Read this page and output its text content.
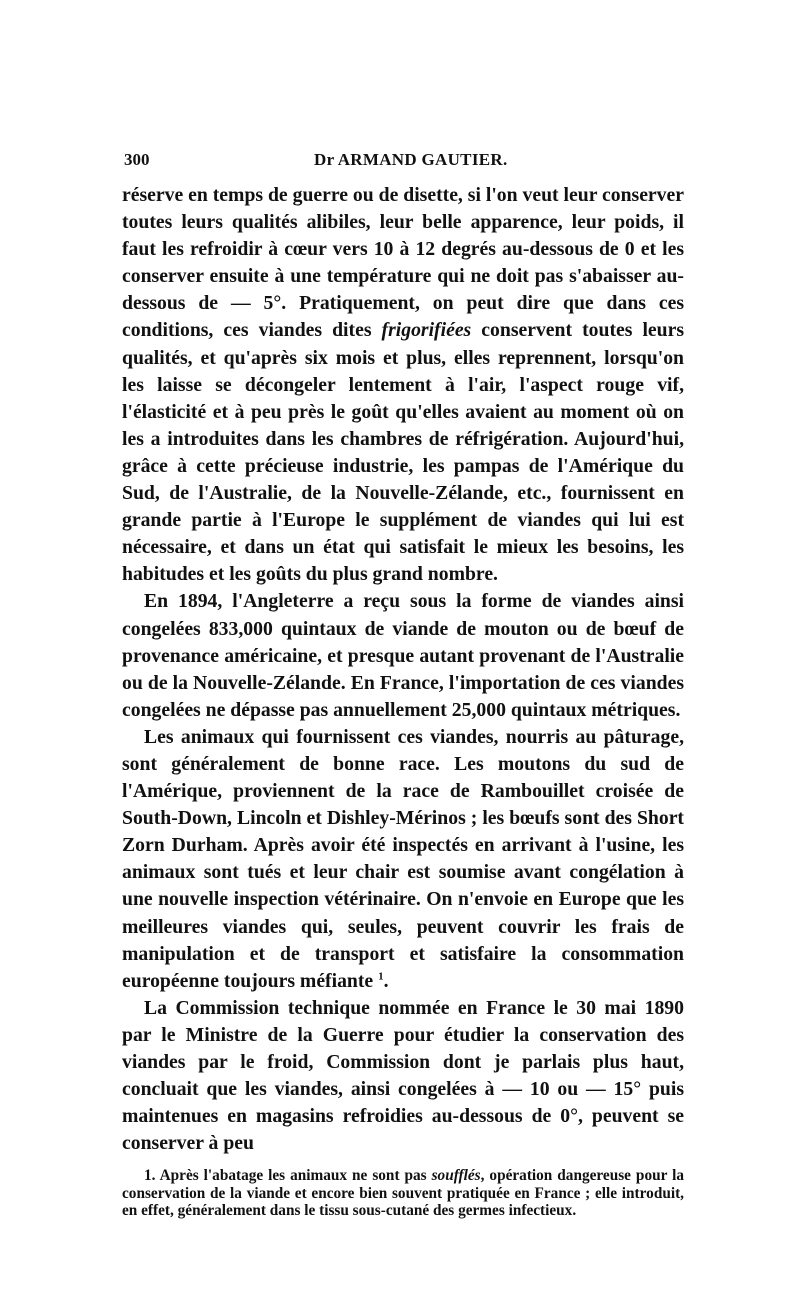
300	Dr ARMAND GAUTIER.

réserve en temps de guerre ou de disette, si l'on veut leur conserver toutes leurs qualités alibiles, leur belle apparence, leur poids, il faut les refroidir à cœur vers 10 à 12 degrés au-dessous de 0 et les conserver ensuite à une température qui ne doit pas s'abaisser au-dessous de — 5°. Pratiquement, on peut dire que dans ces conditions, ces viandes dites frigorifiées conservent toutes leurs qualités, et qu'après six mois et plus, elles reprennent, lorsqu'on les laisse se décongeler lentement à l'air, l'aspect rouge vif, l'élasticité et à peu près le goût qu'elles avaient au moment où on les a introduites dans les chambres de réfrigération. Aujourd'hui, grâce à cette précieuse industrie, les pampas de l'Amérique du Sud, de l'Australie, de la Nouvelle-Zélande, etc., fournissent en grande partie à l'Europe le supplément de viandes qui lui est nécessaire, et dans un état qui satisfait le mieux les besoins, les habitudes et les goûts du plus grand nombre.

En 1894, l'Angleterre a reçu sous la forme de viandes ainsi congelées 833,000 quintaux de viande de mouton ou de bœuf de provenance américaine, et presque autant provenant de l'Australie ou de la Nouvelle-Zélande. En France, l'importation de ces viandes congelées ne dépasse pas annuellement 25,000 quintaux métriques.

Les animaux qui fournissent ces viandes, nourris au pâturage, sont généralement de bonne race. Les moutons du sud de l'Amérique, proviennent de la race de Rambouillet croisée de South-Down, Lincoln et Dishley-Mérinos ; les bœufs sont des Short Zorn Durham. Après avoir été inspectés en arrivant à l'usine, les animaux sont tués et leur chair est soumise avant congélation à une nouvelle inspection vétérinaire. On n'envoie en Europe que les meilleures viandes qui, seules, peuvent couvrir les frais de manipulation et de transport et satisfaire la consommation européenne toujours méfiante $^1$.

La Commission technique nommée en France le 30 mai 1890 par le Ministre de la Guerre pour étudier la conservation des viandes par le froid, Commission dont je parlais plus haut, concluait que les viandes, ainsi congelées à — 10 ou — 15° puis maintenues en magasins refroidies au-dessous de 0°, peuvent se conserver à peu

1. Après l'abatage les animaux ne sont pas soufflés, opération dangereuse pour la conservation de la viande et encore bien souvent pratiquée en France ; elle introduit, en effet, généralement dans le tissu sous-cutané des germes infectieux.
